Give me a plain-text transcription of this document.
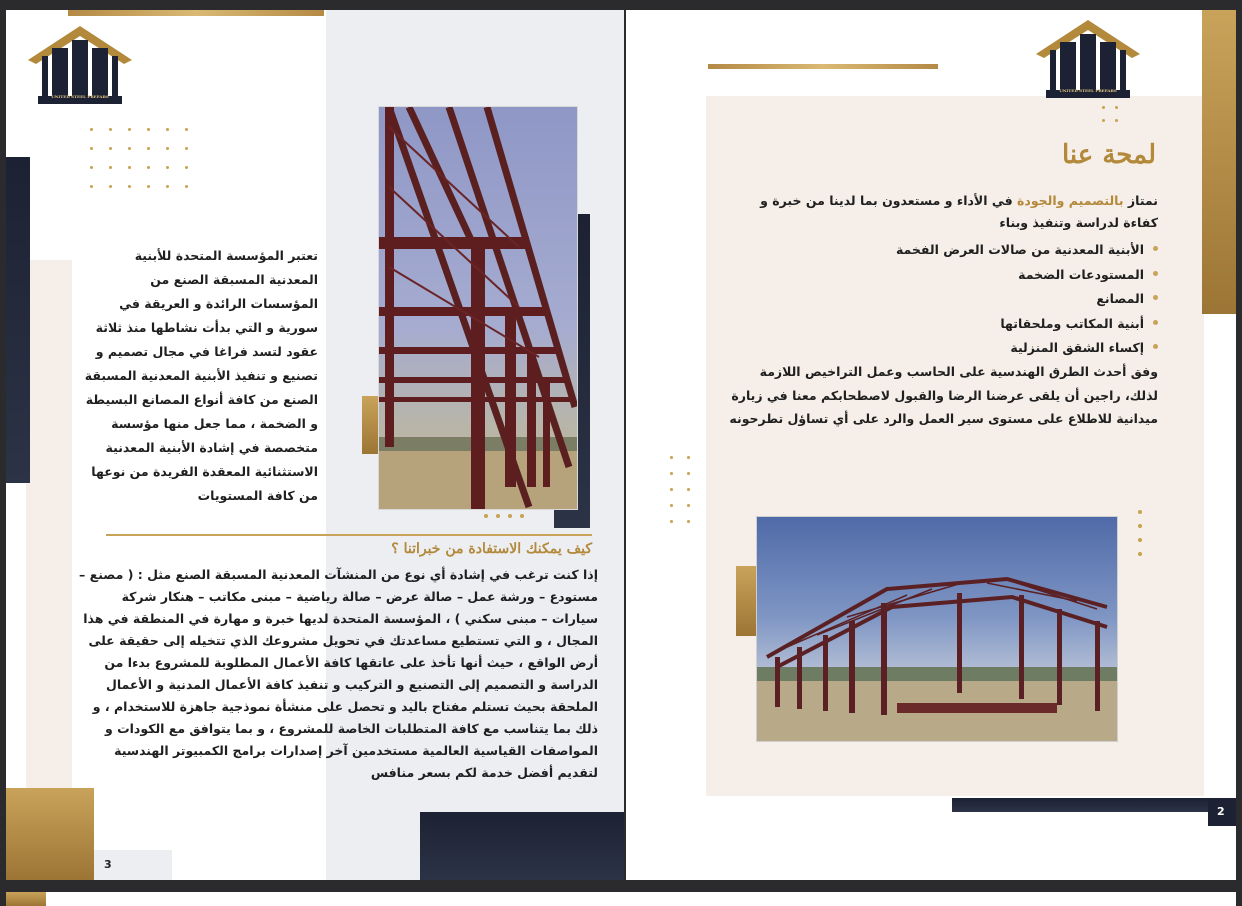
UNITED STEEL PREFABS
تعتبر المؤسسة المتحدة للأبنية المعدنية المسبقة الصنع من المؤسسات الرائدة و العريقة في سورية و التي بدأت نشاطها منذ ثلاثة عقود لتسد فراغا في مجال تصميم و تصنيع و تنفيذ الأبنية المعدنية المسبقة الصنع من كافة أنواع المصانع البسيطة و الضخمة ، مما جعل منها مؤسسة متخصصة في إشادة الأبنية المعدنية الاستثنائية المعقدة الفريدة من نوعها من كافة المستويات
كيف يمكنك الاستفادة من خبراتنا ؟
إذا كنت ترغب في إشادة أي نوع من المنشآت المعدنية المسبقة الصنع مثل : ( مصنع – مستودع – ورشة عمل – صالة عرض – صالة رياضية – مبنى مكاتب – هنكار شركة سيارات – مبنى سكني ) ، المؤسسة المتحدة لديها خبرة و مهارة في المنطقة في هذا المجال ، و التي تستطيع مساعدتك في تحويل مشروعك الذي تتخيله إلى حقيقة على أرض الواقع ، حيث أنها تأخذ على عاتقها كافة الأعمال المطلوبة للمشروع بدءا من الدراسة و التصميم إلى التصنيع و التركيب و تنفيذ كافة الأعمال المدنية و الأعمال الملحقة بحيث تستلم مفتاح باليد و تحصل على منشأة نموذجية جاهزة للاستخدام ، و ذلك بما يتناسب مع كافة المتطلبات الخاصة للمشروع ، و بما يتوافق مع الكودات و المواصفات القياسية العالمية مستخدمين آخر إصدارات برامج الكمبيوتر الهندسية لتقديم أفضل خدمة لكم بسعر منافس
3
UNITED STEEL PREFABS
لمحة عنا
نمتاز بالتصميم والجودة في الأداء و مستعدون بما لدينا من خبرة و كفاءة لدراسة وتنفيذ وبناء
الأبنية المعدنية من صالات العرض الفخمة
المستودعات الضخمة
المصانع
أبنية المكاتب وملحقاتها
إكساء الشقق المنزلية
وفق أحدث الطرق الهندسية على الحاسب وعمل التراخيص اللازمة لذلك، راجين أن يلقى عرضنا الرضا والقبول لاصطحابكم معنا في زيارة ميدانية للاطلاع على مستوى سير العمل والرد على أي تساؤل تطرحونه
2
